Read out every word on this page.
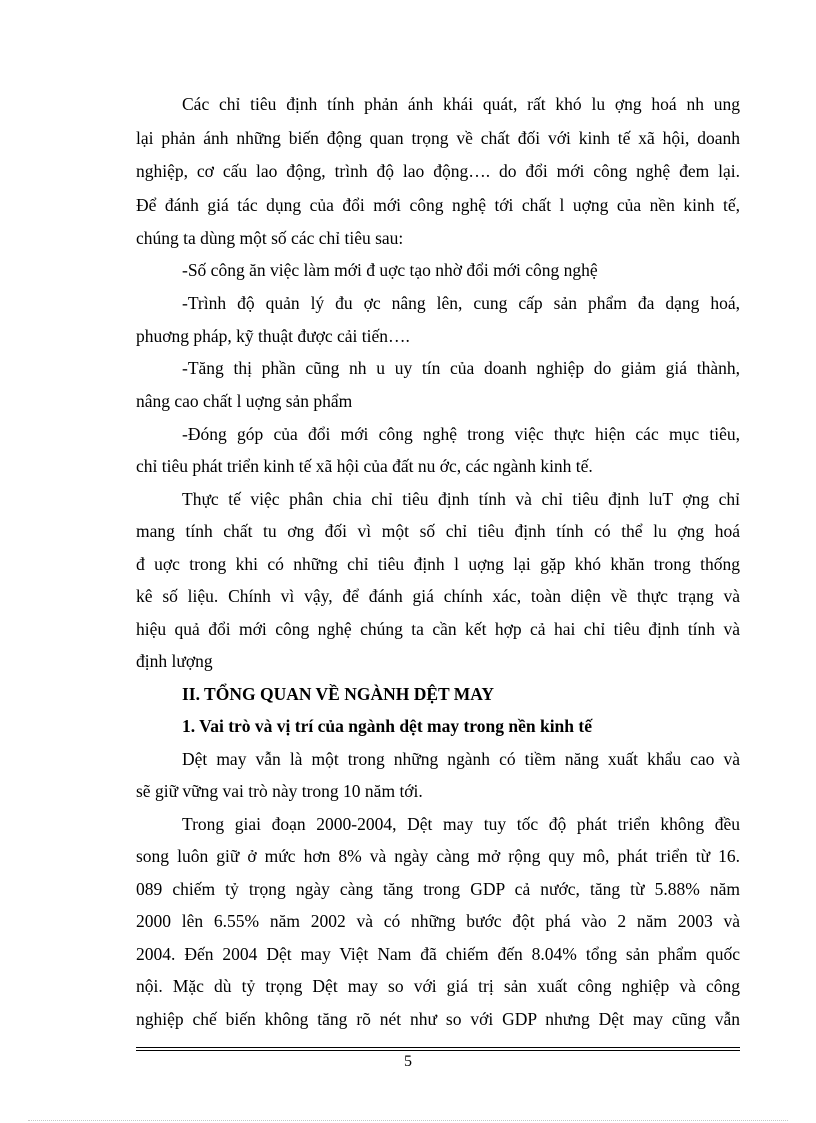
Các chỉ tiêu định tính phản ánh khái quát, rất khó lu ợng hoá nh ung
lại phản ánh những biến động quan trọng về chất đối với kinh tế xã hội, doanh
nghiệp, cơ cấu lao động, trình độ lao động…. do đổi mới công nghệ đem lại.
Để đánh giá tác dụng của đổi mới công nghệ tới chất l uợng của nền kinh tế,
chúng ta dùng một số các chỉ tiêu sau:
-Số công ăn việc làm mới đ uợc tạo nhờ đổi mới công nghệ
-Trình độ quản lý đu ợc nâng lên, cung cấp sản phẩm đa dạng hoá,
phuơng pháp, kỹ thuật được cải tiến….
-Tăng thị phần cũng nh u uy tín của doanh nghiệp do giảm giá thành,
nâng cao chất l uợng sản phẩm
-Đóng góp của đổi mới công nghệ trong việc thực hiện các mục tiêu,
chỉ tiêu phát triển kinh tế xã hội của đất nu ớc, các ngành kinh tế.
Thực tế việc phân chia chỉ tiêu định tính và chỉ tiêu định luT ợng chỉ
mang tính chất tu ơng đối vì một số chỉ tiêu định tính có thể lu ợng hoá
đ uợc trong khi có những chỉ tiêu định l uợng lại gặp khó khăn trong thống
kê số liệu. Chính vì vậy, để đánh giá chính xác, toàn diện về thực trạng và
hiệu quả đổi mới công nghệ chúng ta cần kết hợp cả hai chỉ tiêu định tính và
định lượng
II. TỔNG QUAN VỀ NGÀNH DỆT MAY
1. Vai trò và vị trí của ngành dệt may trong nền kinh tế
Dệt may vẫn là một trong những ngành có tiềm năng xuất khẩu cao và
sẽ giữ vững vai trò này trong 10 năm tới.
Trong giai đoạn 2000-2004, Dệt may tuy tốc độ phát triển không đều
song luôn giữ ở mức hơn 8% và ngày càng mở rộng quy mô, phát triển từ 16.
089 chiếm tỷ trọng ngày càng tăng trong GDP cả nước, tăng từ 5.88% năm
2000 lên 6.55% năm 2002 và có những bước đột phá vào 2 năm 2003 và
2004. Đến 2004 Dệt may Việt Nam đã chiếm đến 8.04% tổng sản phẩm quốc
nội. Mặc dù tỷ trọng Dệt may so với giá trị sản xuất công nghiệp và công
nghiệp chế biến không tăng rõ nét như so với GDP nhưng Dệt may cũng vẫn
5
